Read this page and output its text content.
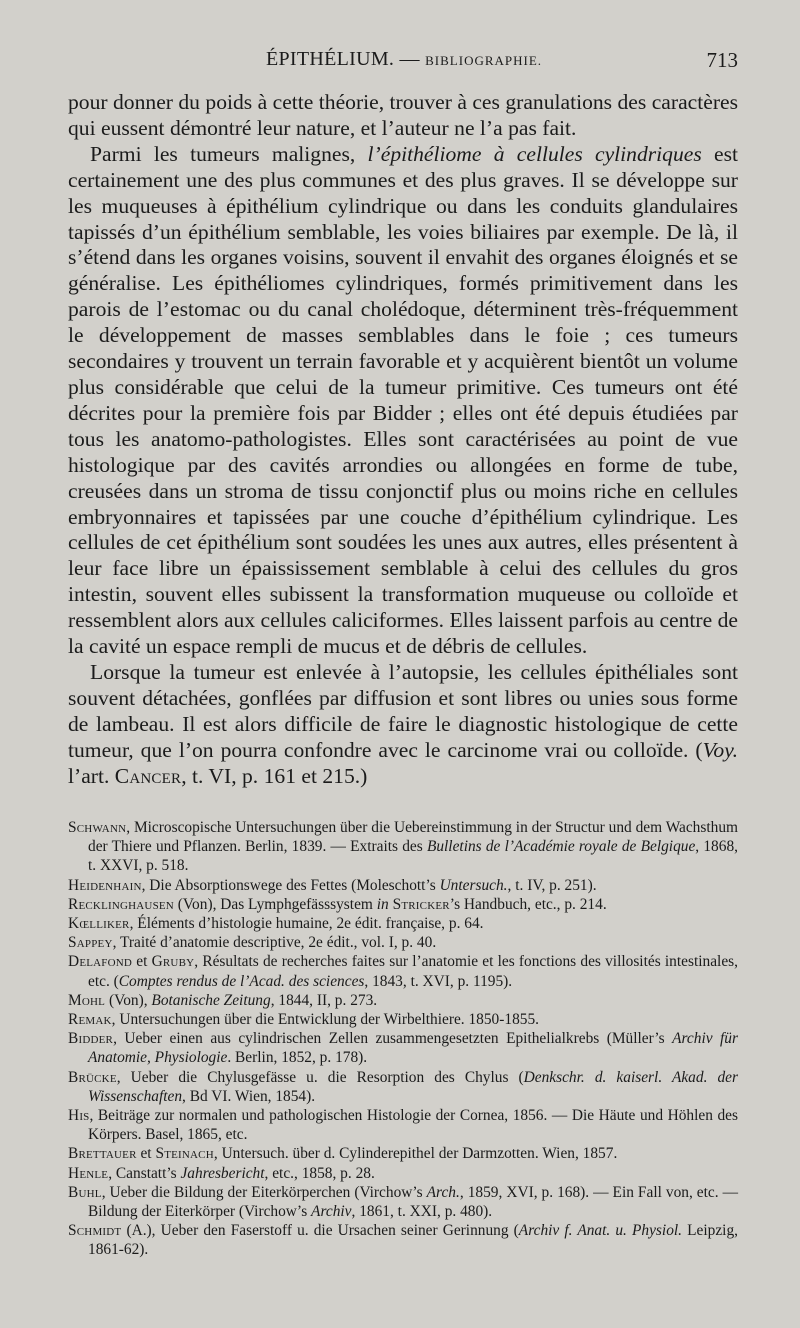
ÉPITHÉLIUM. — BIBLIOGRAPHIE.	713

pour donner du poids à cette théorie, trouver à ces granulations des caractères qui eussent démontré leur nature, et l’auteur ne l’a pas fait.

Parmi les tumeurs malignes, l’épithéliome à cellules cylindriques est certainement une des plus communes et des plus graves. Il se développe sur les muqueuses à épithélium cylindrique ou dans les conduits glandulaires tapissés d’un épithélium semblable, les voies biliaires par exemple. De là, il s’étend dans les organes voisins, souvent il envahit des organes éloignés et se généralise. Les épithéliomes cylindriques, formés primitivement dans les parois de l’estomac ou du canal cholédoque, déterminent très-fréquemment le développement de masses semblables dans le foie ; ces tumeurs secondaires y trouvent un terrain favorable et y acquièrent bientôt un volume plus considérable que celui de la tumeur primitive. Ces tumeurs ont été décrites pour la première fois par Bidder ; elles ont été depuis étudiées par tous les anatomo-pathologistes. Elles sont caractérisées au point de vue histologique par des cavités arrondies ou allongées en forme de tube, creusées dans un stroma de tissu conjonctif plus ou moins riche en cellules embryonnaires et tapissées par une couche d’épithélium cylindrique. Les cellules de cet épithélium sont soudées les unes aux autres, elles présentent à leur face libre un épaississement semblable à celui des cellules du gros intestin, souvent elles subissent la transformation muqueuse ou colloïde et ressemblent alors aux cellules caliciformes. Elles laissent parfois au centre de la cavité un espace rempli de mucus et de débris de cellules.

Lorsque la tumeur est enlevée à l’autopsie, les cellules épithéliales sont souvent détachées, gonflées par diffusion et sont libres ou unies sous forme de lambeau. Il est alors difficile de faire le diagnostic histologique de cette tumeur, que l’on pourra confondre avec le carcinome vrai ou colloïde. (Voy. l’art. Cancer, t. VI, p. 161 et 215.)

Schwann, Microscopische Untersuchungen über die Uebereinstimmung in der Structur und dem Wachsthum der Thiere und Pflanzen. Berlin, 1839. — Extraits des Bulletins de l’Académie royale de Belgique, 1868, t. XXVI, p. 518.

Heidenhain, Die Absorptionswege des Fettes (Moleschott’s Untersuch., t. IV, p. 251).

Recklinghausen (Von), Das Lymphgefässsystem in Stricker’s Handbuch, etc., p. 214.

Kœlliker, Éléments d’histologie humaine, 2e édit. française, p. 64.

Sappey, Traité d’anatomie descriptive, 2e édit., vol. I, p. 40.

Delafond et Gruby, Résultats de recherches faites sur l’anatomie et les fonctions des villosités intestinales, etc. (Comptes rendus de l’Acad. des sciences, 1843, t. XVI, p. 1195).

Mohl (Von), Botanische Zeitung, 1844, II, p. 273.

Remak, Untersuchungen über die Entwicklung der Wirbelthiere. 1850-1855.

Bidder, Ueber einen aus cylindrischen Zellen zusammengesetzten Epithelialkrebs (Müller’s Archiv für Anatomie, Physiologie. Berlin, 1852, p. 178).

Brücke, Ueber die Chylusgefässe u. die Resorption des Chylus (Denkschr. d. kaiserl. Akad. der Wissenschaften, Bd VI. Wien, 1854).

His, Beiträge zur normalen und pathologischen Histologie der Cornea, 1856. — Die Häute und Höhlen des Körpers. Basel, 1865, etc.

Brettauer et Steinach, Untersuch. über d. Cylinderepithel der Darmzotten. Wien, 1857.

Henle, Canstatt’s Jahresbericht, etc., 1858, p. 28.

Buhl, Ueber die Bildung der Eiterkörperchen (Virchow’s Arch., 1859, XVI, p. 168). — Ein Fall von, etc. — Bildung der Eiterkörper (Virchow’s Archiv, 1861, t. XXI, p. 480).

Schmidt (A.), Ueber den Faserstoff u. die Ursachen seiner Gerinnung (Archiv f. Anat. u. Physiol. Leipzig, 1861-62).
